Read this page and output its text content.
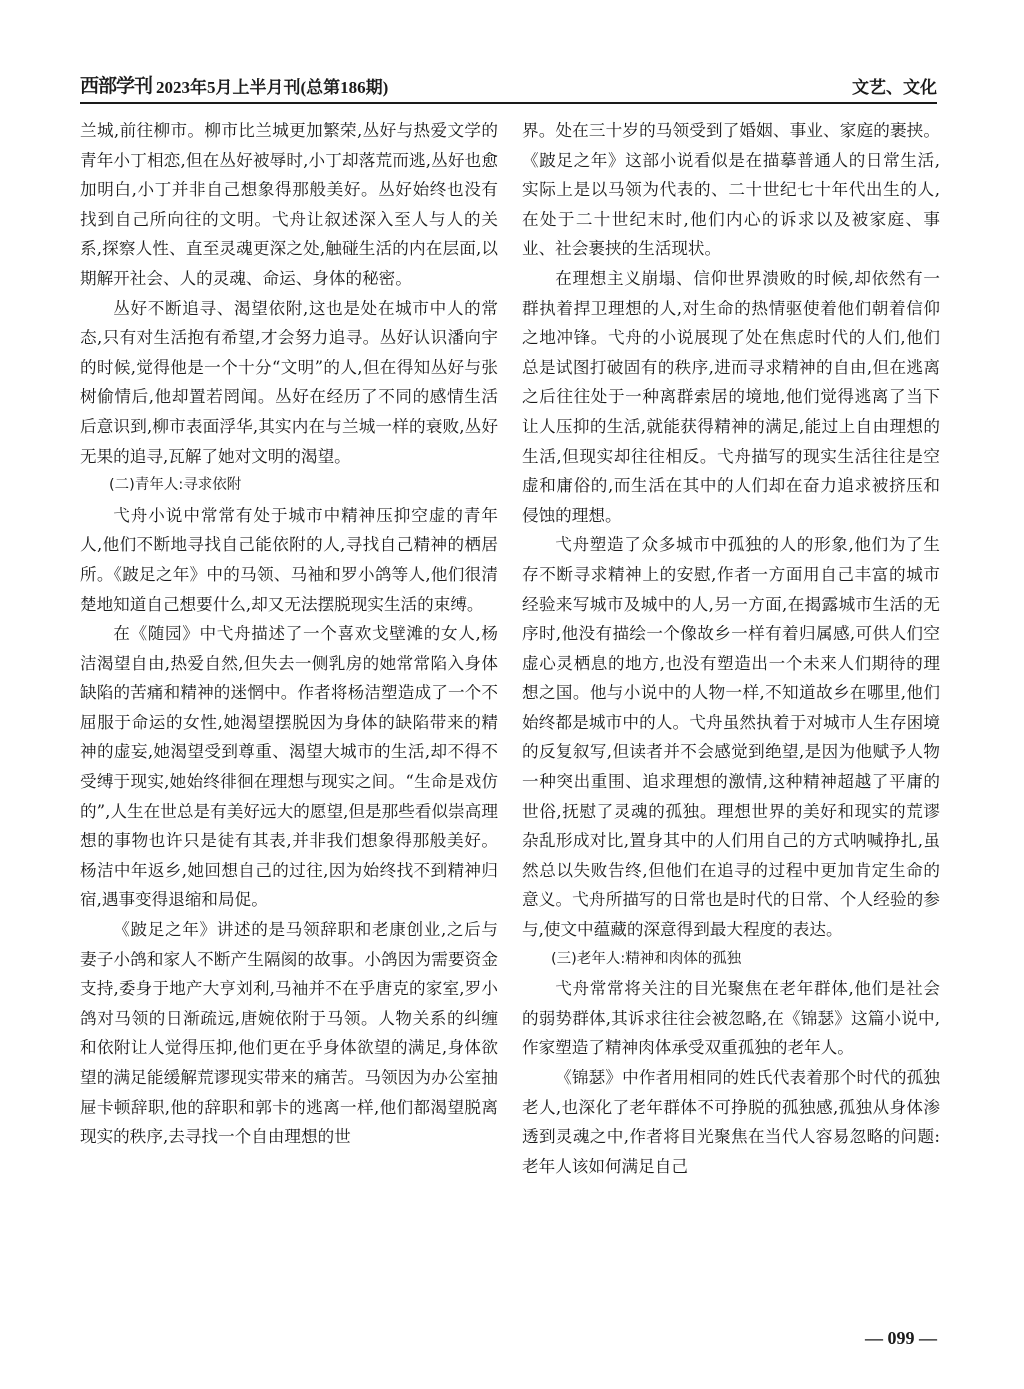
西部学刊 2023年5月上半月刊(总第186期)	文艺、文化

兰城,前往柳市。柳市比兰城更加繁荣,丛好与热爱文学的青年小丁相恋,但在丛好被辱时,小丁却落荒而逃,丛好也愈加明白,小丁并非自己想象得那般美好。丛好始终也没有找到自己所向往的文明。弋舟让叙述深入至人与人的关系,探察人性、直至灵魂更深之处,触碰生活的内在层面,以期解开社会、人的灵魂、命运、身体的秘密。

丛好不断追寻、渴望依附,这也是处在城市中人的常态,只有对生活抱有希望,才会努力追寻。丛好认识潘向宇的时候,觉得他是一个十分“文明”的人,但在得知丛好与张树偷情后,他却置若罔闻。丛好在经历了不同的感情生活后意识到,柳市表面浮华,其实内在与兰城一样的衰败,丛好无果的追寻,瓦解了她对文明的渴望。

(二)青年人:寻求依附

弋舟小说中常常有处于城市中精神压抑空虚的青年人,他们不断地寻找自己能依附的人,寻找自己精神的栖居所。《跛足之年》中的马领、马袖和罗小鸽等人,他们很清楚地知道自己想要什么,却又无法摆脱现实生活的束缚。

在《随园》中弋舟描述了一个喜欢戈壁滩的女人,杨洁渴望自由,热爱自然,但失去一侧乳房的她常常陷入身体缺陷的苦痛和精神的迷惘中。作者将杨洁塑造成了一个不屈服于命运的女性,她渴望摆脱因为身体的缺陷带来的精神的虚妄,她渴望受到尊重、渴望大城市的生活,却不得不受缚于现实,她始终徘徊在理想与现实之间。“生命是戏仿的”,人生在世总是有美好远大的愿望,但是那些看似崇高理想的事物也许只是徒有其表,并非我们想象得那般美好。杨洁中年返乡,她回想自己的过往,因为始终找不到精神归宿,遇事变得退缩和局促。

《跛足之年》讲述的是马领辞职和老康创业,之后与妻子小鸽和家人不断产生隔阂的故事。小鸽因为需要资金支持,委身于地产大亨刘利,马袖并不在乎唐克的家室,罗小鸽对马领的日渐疏远,唐婉依附于马领。人物关系的纠缠和依附让人觉得压抑,他们更在乎身体欲望的满足,身体欲望的满足能缓解荒谬现实带来的痛苦。马领因为办公室抽屉卡顿辞职,他的辞职和郭卡的逃离一样,他们都渴望脱离现实的秩序,去寻找一个自由理想的世

界。处在三十岁的马领受到了婚姻、事业、家庭的裹挟。《跛足之年》这部小说看似是在描摹普通人的日常生活,实际上是以马领为代表的、二十世纪七十年代出生的人,在处于二十世纪末时,他们内心的诉求以及被家庭、事业、社会裹挟的生活现状。

在理想主义崩塌、信仰世界溃败的时候,却依然有一群执着捍卫理想的人,对生命的热情驱使着他们朝着信仰之地冲锋。弋舟的小说展现了处在焦虑时代的人们,他们总是试图打破固有的秩序,进而寻求精神的自由,但在逃离之后往往处于一种离群索居的境地,他们觉得逃离了当下让人压抑的生活,就能获得精神的满足,能过上自由理想的生活,但现实却往往相反。弋舟描写的现实生活往往是空虚和庸俗的,而生活在其中的人们却在奋力追求被挤压和侵蚀的理想。

弋舟塑造了众多城市中孤独的人的形象,他们为了生存不断寻求精神上的安慰,作者一方面用自己丰富的城市经验来写城市及城中的人,另一方面,在揭露城市生活的无序时,他没有描绘一个像故乡一样有着归属感,可供人们空虚心灵栖息的地方,也没有塑造出一个未来人们期待的理想之国。他与小说中的人物一样,不知道故乡在哪里,他们始终都是城市中的人。弋舟虽然执着于对城市人生存困境的反复叙写,但读者并不会感觉到绝望,是因为他赋予人物一种突出重围、追求理想的激情,这种精神超越了平庸的世俗,抚慰了灵魂的孤独。理想世界的美好和现实的荒谬杂乱形成对比,置身其中的人们用自己的方式呐喊挣扎,虽然总以失败告终,但他们在追寻的过程中更加肯定生命的意义。弋舟所描写的日常也是时代的日常、个人经验的参与,使文中蕴藏的深意得到最大程度的表达。

(三)老年人:精神和肉体的孤独

弋舟常常将关注的目光聚焦在老年群体,他们是社会的弱势群体,其诉求往往会被忽略,在《锦瑟》这篇小说中,作家塑造了精神肉体承受双重孤独的老年人。

《锦瑟》中作者用相同的姓氏代表着那个时代的孤独老人,也深化了老年群体不可挣脱的孤独感,孤独从身体渗透到灵魂之中,作者将目光聚焦在当代人容易忽略的问题:老年人该如何满足自己

— 099 —
